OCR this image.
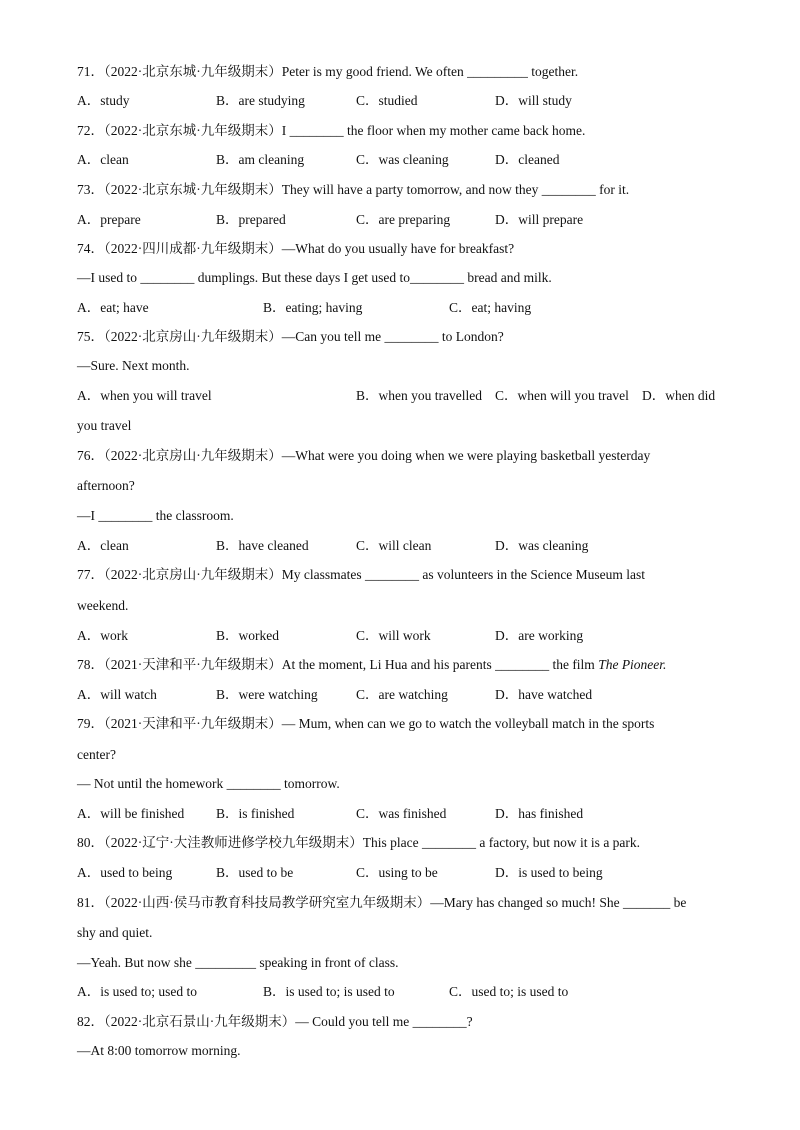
71．（2022·北京东城·九年级期末）Peter is my good friend. We often _________ together.
A．study	B．are studying	C．studied	D．will study
72．（2022·北京东城·九年级期末）I ________ the floor when my mother came back home.
A．clean	B．am cleaning	C．was cleaning	D．cleaned
73．（2022·北京东城·九年级期末）They will have a party tomorrow, and now they ________ for it.
A．prepare	B．prepared	C．are preparing	D．will prepare
74．（2022·四川成都·九年级期末）—What do you usually have for breakfast?
—I used to ________ dumplings. But these days I get used to________ bread and milk.
A．eat; have	B．eating; having	C．eat; having
75．（2022·北京房山·九年级期末）—Can you tell me ________ to London?
—Sure. Next month.
A．when you will travel	B．when you travelled C．when will you travel D．when did
you travel
76．（2022·北京房山·九年级期末）—What were you doing when we were playing basketball yesterday
afternoon?
—I ________ the classroom.
A．clean	B．have cleaned	C．will clean	D．was cleaning
77．（2022·北京房山·九年级期末）My classmates ________ as volunteers in the Science Museum last
weekend.
A．work	B．worked	C．will work	D．are working
78．（2021·天津和平·九年级期末）At the moment, Li Hua and his parents ________ the film The Pioneer.
A．will watch	B．were watching	C．are watching	D．have watched
79．（2021·天津和平·九年级期末）— Mum, when can we go to watch the volleyball match in the sports
center?
— Not until the homework ________ tomorrow.
A．will be finished B．is finished	C．was finished	D．has finished
80．（2022·辽宁·大洼教师进修学校九年级期末）This place ________ a factory, but now it is a park.
A．used to being	B．used to be	C．using to be	D．is used to being
81．（2022·山西·侯马市教育科技局教学研究室九年级期末）—Mary has changed so much! She _______ be
shy and quiet.
—Yeah. But now she _________ speaking in front of class.
A．is used to; used to	B．is used to; is used to	C．used to; is used to
82．（2022·北京石景山·九年级期末）— Could you tell me ________?
—At 8:00 tomorrow morning.
